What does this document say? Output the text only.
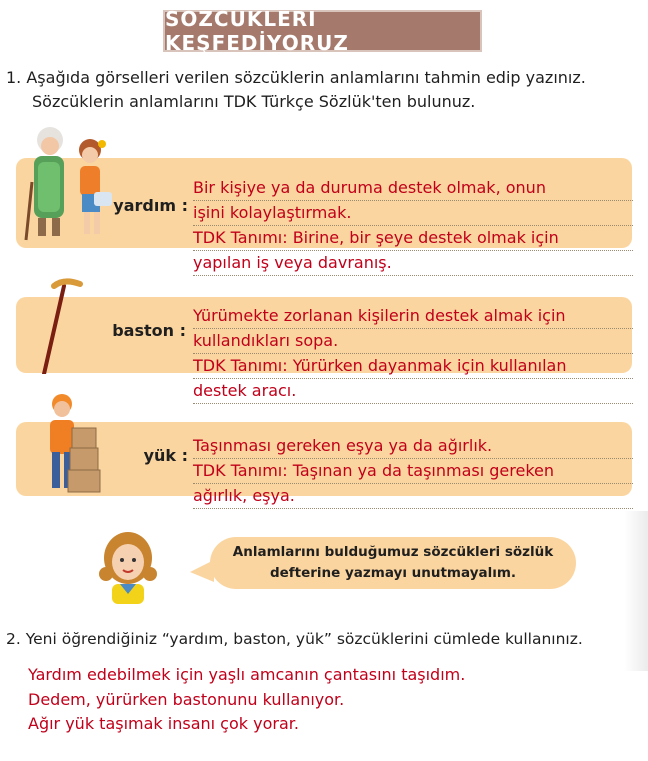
SÖZCÜKLERİ KEŞFEDİYORUZ
1. Aşağıda görselleri verilen sözcüklerin anlamlarını tahmin edip yazınız.
Sözcüklerin anlamlarını TDK Türkçe Sözlük'ten bulunuz.
yardım :
Bir kişiye ya da duruma destek olmak, onun
işini kolaylaştırmak.
TDK Tanımı: Birine, bir şeye destek olmak için
yapılan iş veya davranış.
baston :
Yürümekte zorlanan kişilerin destek almak için
kullandıkları sopa.
TDK Tanımı: Yürürken dayanmak için kullanılan
destek aracı.
yük :
Taşınması gereken eşya ya da ağırlık.
TDK Tanımı: Taşınan ya da taşınması gereken
ağırlık, eşya.
Anlamlarını bulduğumuz sözcükleri sözlük
defterine yazmayı unutmayalım.
2. Yeni öğrendiğiniz “yardım, baston, yük” sözcüklerini cümlede kullanınız.
Yardım edebilmek için yaşlı amcanın çantasını taşıdım.
Dedem, yürürken bastonunu kullanıyor.
Ağır yük taşımak insanı çok yorar.
